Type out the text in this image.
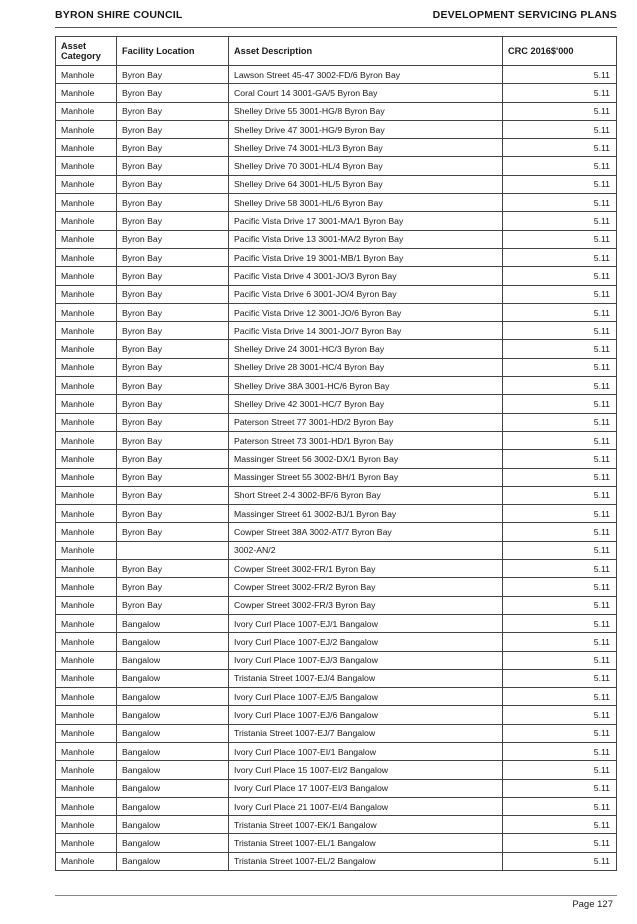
BYRON SHIRE COUNCIL	DEVELOPMENT SERVICING PLANS
Asset Category	Facility Location	Asset Description	CRC 2016$'000
Manhole	Byron Bay	Lawson Street 45-47 3002-FD/6 Byron Bay	5.11
Manhole	Byron Bay	Coral Court 14 3001-GA/5 Byron Bay	5.11
Manhole	Byron Bay	Shelley Drive 55 3001-HG/8 Byron Bay	5.11
Manhole	Byron Bay	Shelley Drive 47 3001-HG/9 Byron Bay	5.11
Manhole	Byron Bay	Shelley Drive 74 3001-HL/3 Byron Bay	5.11
Manhole	Byron Bay	Shelley Drive 70 3001-HL/4 Byron Bay	5.11
Manhole	Byron Bay	Shelley Drive 64 3001-HL/5 Byron Bay	5.11
Manhole	Byron Bay	Shelley Drive 58 3001-HL/6 Byron Bay	5.11
Manhole	Byron Bay	Pacific Vista Drive 17 3001-MA/1 Byron Bay	5.11
Manhole	Byron Bay	Pacific Vista Drive 13 3001-MA/2 Byron Bay	5.11
Manhole	Byron Bay	Pacific Vista Drive 19 3001-MB/1 Byron Bay	5.11
Manhole	Byron Bay	Pacific Vista Drive 4 3001-JO/3 Byron Bay	5.11
Manhole	Byron Bay	Pacific Vista Drive 6 3001-JO/4 Byron Bay	5.11
Manhole	Byron Bay	Pacific Vista Drive 12 3001-JO/6 Byron Bay	5.11
Manhole	Byron Bay	Pacific Vista Drive 14 3001-JO/7 Byron Bay	5.11
Manhole	Byron Bay	Shelley Drive 24 3001-HC/3 Byron Bay	5.11
Manhole	Byron Bay	Shelley Drive 28 3001-HC/4 Byron Bay	5.11
Manhole	Byron Bay	Shelley Drive 38A 3001-HC/6 Byron Bay	5.11
Manhole	Byron Bay	Shelley Drive 42 3001-HC/7 Byron Bay	5.11
Manhole	Byron Bay	Paterson Street 77 3001-HD/2 Byron Bay	5.11
Manhole	Byron Bay	Paterson Street 73 3001-HD/1 Byron Bay	5.11
Manhole	Byron Bay	Massinger Street 56 3002-DX/1 Byron Bay	5.11
Manhole	Byron Bay	Massinger Street 55 3002-BH/1 Byron Bay	5.11
Manhole	Byron Bay	Short Street 2-4 3002-BF/6 Byron Bay	5.11
Manhole	Byron Bay	Massinger Street 61 3002-BJ/1 Byron Bay	5.11
Manhole	Byron Bay	Cowper Street 38A 3002-AT/7 Byron Bay	5.11
Manhole		3002-AN/2	5.11
Manhole	Byron Bay	Cowper Street 3002-FR/1 Byron Bay	5.11
Manhole	Byron Bay	Cowper Street 3002-FR/2 Byron Bay	5.11
Manhole	Byron Bay	Cowper Street 3002-FR/3 Byron Bay	5.11
Manhole	Bangalow	Ivory Curl Place 1007-EJ/1 Bangalow	5.11
Manhole	Bangalow	Ivory Curl Place 1007-EJ/2 Bangalow	5.11
Manhole	Bangalow	Ivory Curl Place 1007-EJ/3 Bangalow	5.11
Manhole	Bangalow	Tristania Street 1007-EJ/4 Bangalow	5.11
Manhole	Bangalow	Ivory Curl Place 1007-EJ/5 Bangalow	5.11
Manhole	Bangalow	Ivory Curl Place 1007-EJ/6 Bangalow	5.11
Manhole	Bangalow	Tristania Street 1007-EJ/7 Bangalow	5.11
Manhole	Bangalow	Ivory Curl Place 1007-EI/1 Bangalow	5.11
Manhole	Bangalow	Ivory Curl Place 15 1007-EI/2 Bangalow	5.11
Manhole	Bangalow	Ivory Curl Place 17 1007-EI/3 Bangalow	5.11
Manhole	Bangalow	Ivory Curl Place 21 1007-EI/4 Bangalow	5.11
Manhole	Bangalow	Tristania Street 1007-EK/1 Bangalow	5.11
Manhole	Bangalow	Tristania Street 1007-EL/1 Bangalow	5.11
Manhole	Bangalow	Tristania Street 1007-EL/2 Bangalow	5.11
Page 127
